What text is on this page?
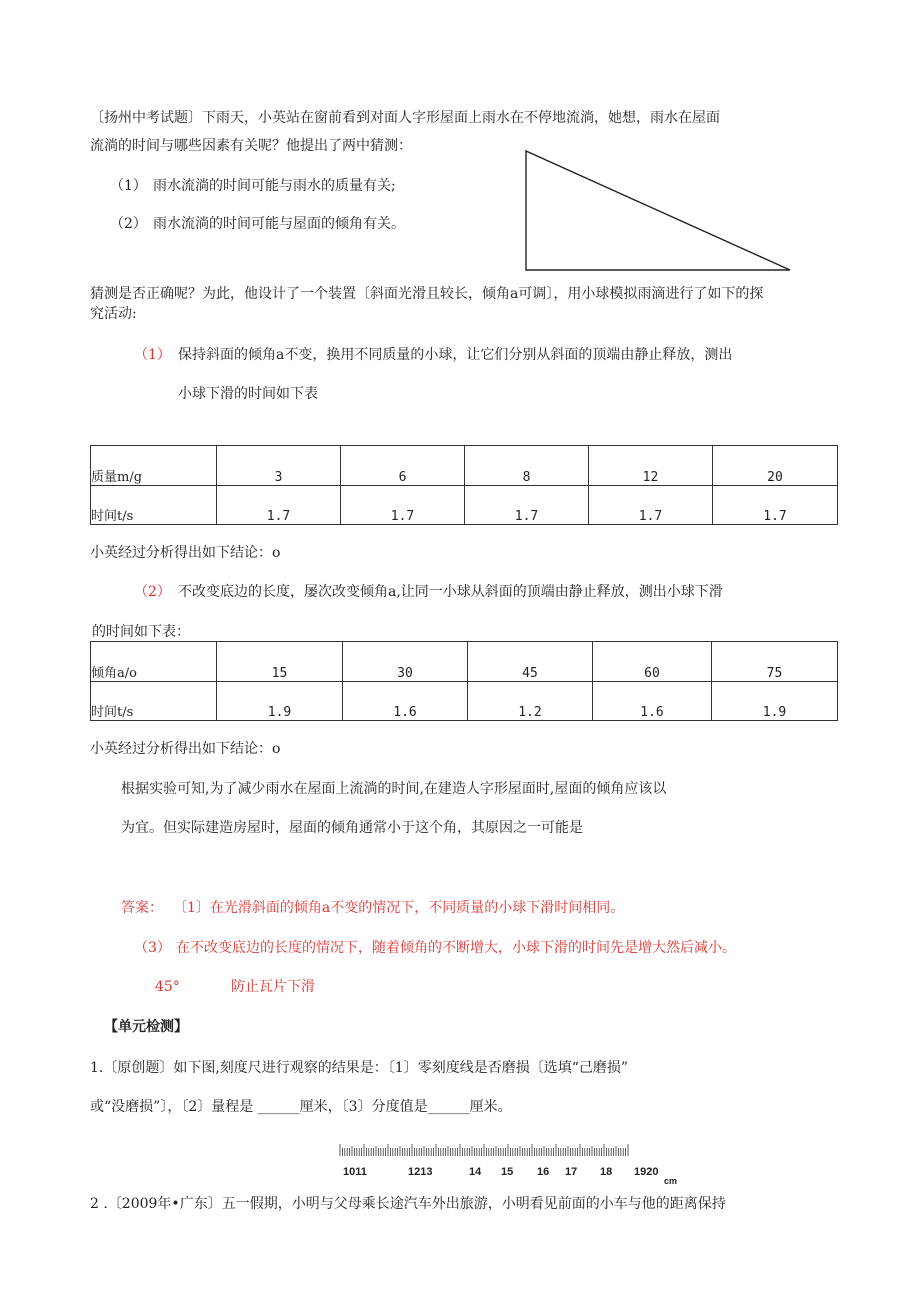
〔扬州中考试题〕下雨天，小英站在窗前看到对面人字形屋面上雨水在不停地流淌，她想，雨水在屋面
流淌的时间与哪些因素有关呢？他提出了两中猜测：
（1） 雨水流淌的时间可能与雨水的质量有关;
（2） 雨水流淌的时间可能与屋面的倾角有关。
猜测是否正确呢？为此，他设计了一个装置〔斜面光滑且较长，倾角a可调〕，用小球模拟雨滴进行了如下的探
究活动:
（1） 保持斜面的倾角a不变，换用不同质量的小球，让它们分别从斜面的顶端由静止释放，测出
小球下滑的时间如下表
质量m/g	3	6	8	12	20
时间t/s	1.7	1.7	1.7	1.7	1.7
小英经过分析得出如下结论：o
（2） 不改变底边的长度，屡次改变倾角a,让同一小球从斜面的顶端由静止释放，测出小球下滑
的时间如下表：
倾角a/o	15	30	45	60	75
时间t/s	1.9	1.6	1.2	1.6	1.9
小英经过分析得出如下结论：o
根据实验可知,为了减少雨水在屋面上流淌的时间,在建造人字形屋面时,屋面的倾角应该以
为宜。但实际建造房屋时，屋面的倾角通常小于这个角，其原因之一可能是
答案： 〔1〕在光滑斜面的倾角a不变的情况下，不同质量的小球下滑时间相同。
（3） 在不改变底边的长度的情况下，随着倾角的不断增大，小球下滑的时间先是增大然后减小。
45°	防止瓦片下滑
【单元检测】
1.〔原创题〕如下图,刻度尺进行观察的结果是：〔1〕零刻度线是否磨损〔选填“己磨损”
或“没磨损”〕，〔2〕量程是 ______厘米，〔3〕分度值是______厘米。
1011	1213	14 15 16 17 18 1920
cm
2 .〔2009年•广东〕五一假期，小明与父母乘长途汽车外出旅游，小明看见前面的小车与他的距离保持
